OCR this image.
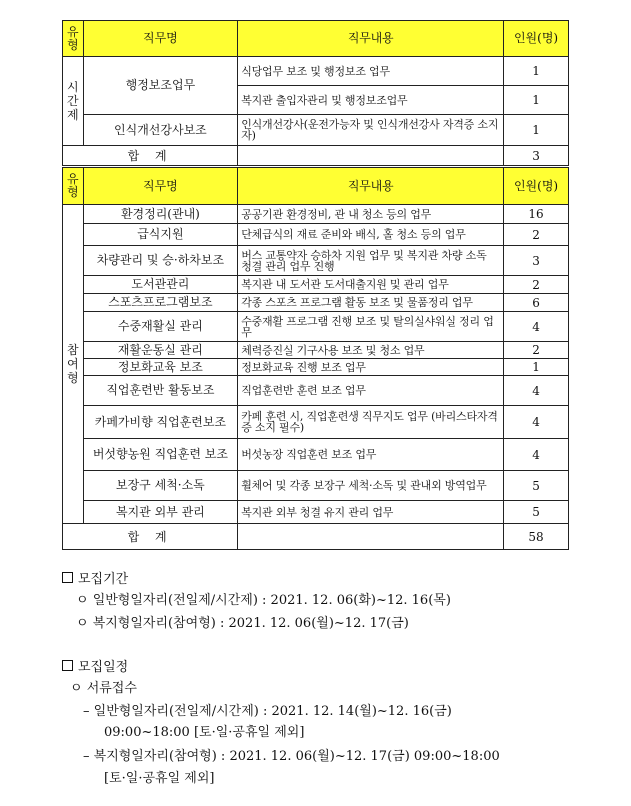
유형	직무명	직무내용	인원(명)
시간제	행정보조업무	식당업무 보조 및 행정보조 업무	1
		복지관 출입자관리 및 행정보조업무	1
	인식개선강사보조	인식개선강사(운전가능자 및 인식개선강사 자격증 소지자)	1
합 계			3
유형	직무명	직무내용	인원(명)
참여형	환경정리(관내)	공공기관 환경정비, 관 내 청소 등의 업무	16
	급식지원	단체급식의 재료 준비와 배식, 홀 청소 등의 업무	2
	차량관리 및 승·하차보조	버스 교통약자 승하차 지원 업무 및 복지관 차량 소독 청결 관리 업무 진행	3
	도서관관리	복지관 내 도서관 도서대출지원 및 관리 업무	2
	스포츠프로그램보조	각종 스포츠 프로그램 활동 보조 및 물품정리 업무	6
	수중재활실 관리	수중재활 프로그램 진행 보조 및 탈의실샤워실 정리 업무	4
	재활운동실 관리	체력증진실 기구사용 보조 및 청소 업무	2
	정보화교육 보조	정보화교육 진행 보조 업무	1
	직업훈련반 활동보조	직업훈련반 훈련 보조 업무	4
	카페가비향 직업훈련보조	카페 훈련 시, 직업훈련생 직무지도 업무 (바리스타자격증 소지 필수)	4
	버섯향농원 직업훈련 보조	버섯농장 직업훈련 보조 업무	4
	보장구 세척·소독	휠체어 및 각종 보장구 세척·소독 및 관내외 방역업무	5
	복지관 외부 관리	복지관 외부 청결 유지 관리 업무	5
합 계			58
모집기간
ㅇ 일반형일자리(전일제/시간제) : 2021. 12. 06(화)~12. 16(목)
ㅇ 복지형일자리(참여형) : 2021. 12. 06(월)~12. 17(금)
모집일정
ㅇ 서류접수
– 일반형일자리(전일제/시간제) : 2021. 12. 14(월)~12. 16(금)
09:00~18:00 [토·일·공휴일 제외]
– 복지형일자리(참여형) : 2021. 12. 06(월)~12. 17(금) 09:00~18:00
[토·일·공휴일 제외]
